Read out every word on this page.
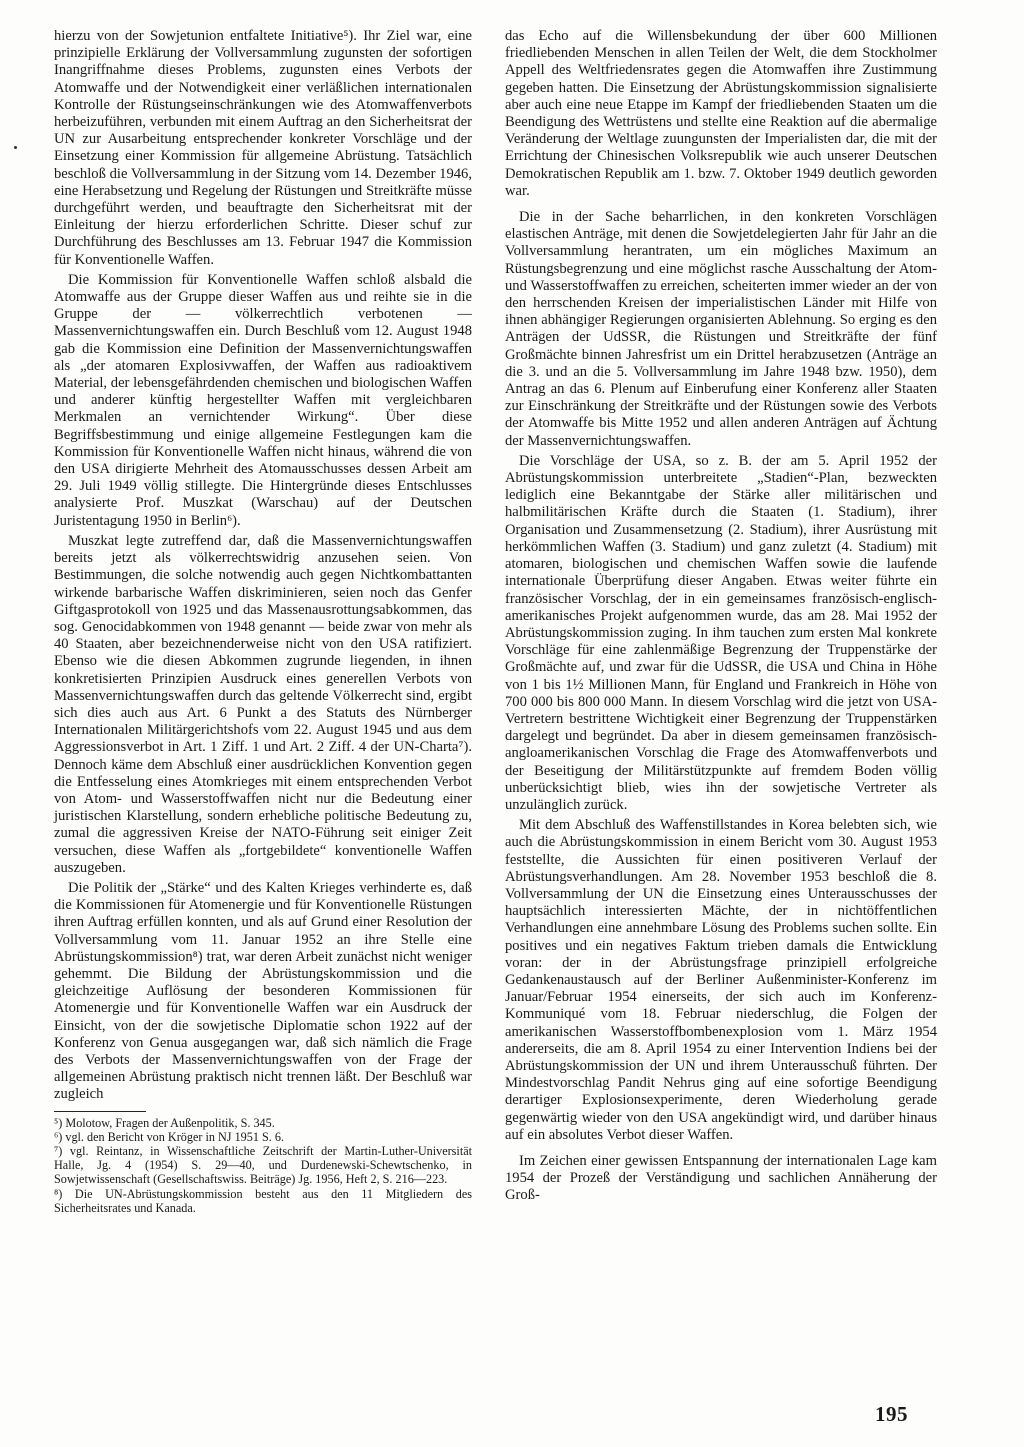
hierzu von der Sowjetunion entfaltete Initiative⁵). Ihr Ziel war, eine prinzipielle Erklärung der Vollversammlung zugunsten der sofortigen Inangriffnahme dieses Problems, zugunsten eines Verbots der Atomwaffe und der Notwendigkeit einer verläßlichen internationalen Kontrolle der Rüstungseinschränkungen wie des Atomwaffenverbots herbeizuführen, verbunden mit einem Auftrag an den Sicherheitsrat der UN zur Ausarbeitung entsprechender konkreter Vorschläge und der Einsetzung einer Kommission für allgemeine Abrüstung. Tatsächlich beschloß die Vollversammlung in der Sitzung vom 14. Dezember 1946, eine Herabsetzung und Regelung der Rüstungen und Streitkräfte müsse durchgeführt werden, und beauftragte den Sicherheitsrat mit der Einleitung der hierzu erforderlichen Schritte. Dieser schuf zur Durchführung des Beschlusses am 13. Februar 1947 die Kommission für Konventionelle Waffen.

Die Kommission für Konventionelle Waffen schloß alsbald die Atomwaffe aus der Gruppe dieser Waffen aus und reihte sie in die Gruppe der — völkerrechtlich verbotenen — Massenvernichtungswaffen ein. Durch Beschluß vom 12. August 1948 gab die Kommission eine Definition der Massenvernichtungswaffen als „der atomaren Explosivwaffen, der Waffen aus radioaktivem Material, der lebensgefährdenden chemischen und biologischen Waffen und anderer künftig hergestellter Waffen mit vergleichbaren Merkmalen an vernichtender Wirkung“. Über diese Begriffsbestimmung und einige allgemeine Festlegungen kam die Kommission für Konventionelle Waffen nicht hinaus, während die von den USA dirigierte Mehrheit des Atomausschusses dessen Arbeit am 29. Juli 1949 völlig stillegte. Die Hintergründe dieses Entschlusses analysierte Prof. Muszkat (Warschau) auf der Deutschen Juristentagung 1950 in Berlin⁶).

Muszkat legte zutreffend dar, daß die Massenvernichtungswaffen bereits jetzt als völkerrechtswidrig anzusehen seien. Von Bestimmungen, die solche notwendig auch gegen Nichtkombattanten wirkende barbarische Waffen diskriminieren, seien noch das Genfer Giftgasprotokoll von 1925 und das Massenausrottungsabkommen, das sog. Genocidabkommen von 1948 genannt — beide zwar von mehr als 40 Staaten, aber bezeichnenderweise nicht von den USA ratifiziert. Ebenso wie die diesen Abkommen zugrunde liegenden, in ihnen konkretisierten Prinzipien Ausdruck eines generellen Verbots von Massenvernichtungswaffen durch das geltende Völkerrecht sind, ergibt sich dies auch aus Art. 6 Punkt a des Statuts des Nürnberger Internationalen Militärgerichtshofs vom 22. August 1945 und aus dem Aggressionsverbot in Art. 1 Ziff. 1 und Art. 2 Ziff. 4 der UN-Charta⁷). Dennoch käme dem Abschluß einer ausdrücklichen Konvention gegen die Entfesselung eines Atomkrieges mit einem entsprechenden Verbot von Atom- und Wasserstoffwaffen nicht nur die Bedeutung einer juristischen Klarstellung, sondern erhebliche politische Bedeutung zu, zumal die aggressiven Kreise der NATO-Führung seit einiger Zeit versuchen, diese Waffen als „fortgebildete“ konventionelle Waffen auszugeben.

Die Politik der „Stärke“ und des Kalten Krieges verhinderte es, daß die Kommissionen für Atomenergie und für Konventionelle Rüstungen ihren Auftrag erfüllen konnten, und als auf Grund einer Resolution der Vollversammlung vom 11. Januar 1952 an ihre Stelle eine Abrüstungskommission⁸) trat, war deren Arbeit zunächst nicht weniger gehemmt. Die Bildung der Abrüstungskommission und die gleichzeitige Auflösung der besonderen Kommissionen für Atomenergie und für Konventionelle Waffen war ein Ausdruck der Einsicht, von der die sowjetische Diplomatie schon 1922 auf der Konferenz von Genua ausgegangen war, daß sich nämlich die Frage des Verbots der Massenvernichtungswaffen von der Frage der allgemeinen Abrüstung praktisch nicht trennen läßt. Der Beschluß war zugleich

⁵) Molotow, Fragen der Außenpolitik, S. 345.

⁶) vgl. den Bericht von Kröger in NJ 1951 S. 6.

⁷) vgl. Reintanz, in Wissenschaftliche Zeitschrift der Martin-Luther-Universität Halle, Jg. 4 (1954) S. 29—40, und Durdenewski-Schewtschenko, in Sowjetwissenschaft (Gesellschaftswiss. Beiträge) Jg. 1956, Heft 2, S. 216—223.

⁸) Die UN-Abrüstungskommission besteht aus den 11 Mitgliedern des Sicherheitsrates und Kanada.

das Echo auf die Willensbekundung der über 600 Millionen friedliebenden Menschen in allen Teilen der Welt, die dem Stockholmer Appell des Weltfriedensrates gegen die Atomwaffen ihre Zustimmung gegeben hatten. Die Einsetzung der Abrüstungskommission signalisierte aber auch eine neue Etappe im Kampf der friedliebenden Staaten um die Beendigung des Wettrüstens und stellte eine Reaktion auf die abermalige Veränderung der Weltlage zuungunsten der Imperialisten dar, die mit der Errichtung der Chinesischen Volksrepublik wie auch unserer Deutschen Demokratischen Republik am 1. bzw. 7. Oktober 1949 deutlich geworden war.

Die in der Sache beharrlichen, in den konkreten Vorschlägen elastischen Anträge, mit denen die Sowjetdelegierten Jahr für Jahr an die Vollversammlung herantraten, um ein mögliches Maximum an Rüstungsbegrenzung und eine möglichst rasche Ausschaltung der Atom- und Wasserstoffwaffen zu erreichen, scheiterten immer wieder an der von den herrschenden Kreisen der imperialistischen Länder mit Hilfe von ihnen abhängiger Regierungen organisierten Ablehnung. So erging es den Anträgen der UdSSR, die Rüstungen und Streitkräfte der fünf Großmächte binnen Jahresfrist um ein Drittel herabzusetzen (Anträge an die 3. und an die 5. Vollversammlung im Jahre 1948 bzw. 1950), dem Antrag an das 6. Plenum auf Einberufung einer Konferenz aller Staaten zur Einschränkung der Streitkräfte und der Rüstungen sowie des Verbots der Atomwaffe bis Mitte 1952 und allen anderen Anträgen auf Ächtung der Massenvernichtungswaffen.

Die Vorschläge der USA, so z. B. der am 5. April 1952 der Abrüstungskommission unterbreitete „Stadien“-Plan, bezweckten lediglich eine Bekanntgabe der Stärke aller militärischen und halbmilitärischen Kräfte durch die Staaten (1. Stadium), ihrer Organisation und Zusammensetzung (2. Stadium), ihrer Ausrüstung mit herkömmlichen Waffen (3. Stadium) und ganz zuletzt (4. Stadium) mit atomaren, biologischen und chemischen Waffen sowie die laufende internationale Überprüfung dieser Angaben. Etwas weiter führte ein französischer Vorschlag, der in ein gemeinsames französisch-englisch-amerikanisches Projekt aufgenommen wurde, das am 28. Mai 1952 der Abrüstungskommission zuging. In ihm tauchen zum ersten Mal konkrete Vorschläge für eine zahlenmäßige Begrenzung der Truppenstärke der Großmächte auf, und zwar für die UdSSR, die USA und China in Höhe von 1 bis 1½ Millionen Mann, für England und Frankreich in Höhe von 700 000 bis 800 000 Mann. In diesem Vorschlag wird die jetzt von USA-Vertretern bestrittene Wichtigkeit einer Begrenzung der Truppenstärken dargelegt und begründet. Da aber in diesem gemeinsamen französisch-angloamerikanischen Vorschlag die Frage des Atomwaffenverbots und der Beseitigung der Militärstützpunkte auf fremdem Boden völlig unberücksichtigt blieb, wies ihn der sowjetische Vertreter als unzulänglich zurück.

Mit dem Abschluß des Waffenstillstandes in Korea belebten sich, wie auch die Abrüstungskommission in einem Bericht vom 30. August 1953 feststellte, die Aussichten für einen positiveren Verlauf der Abrüstungsverhandlungen. Am 28. November 1953 beschloß die 8. Vollversammlung der UN die Einsetzung eines Unterausschusses der hauptsächlich interessierten Mächte, der in nichtöffentlichen Verhandlungen eine annehmbare Lösung des Problems suchen sollte. Ein positives und ein negatives Faktum trieben damals die Entwicklung voran: der in der Abrüstungsfrage prinzipiell erfolgreiche Gedankenaustausch auf der Berliner Außenminister-Konferenz im Januar/Februar 1954 einerseits, der sich auch im Konferenz-Kommuniqué vom 18. Februar niederschlug, die Folgen der amerikanischen Wasserstoffbombenexplosion vom 1. März 1954 andererseits, die am 8. April 1954 zu einer Intervention Indiens bei der Abrüstungskommission der UN und ihrem Unterausschuß führten. Der Mindestvorschlag Pandit Nehrus ging auf eine sofortige Beendigung derartiger Explosionsexperimente, deren Wiederholung gerade gegenwärtig wieder von den USA angekündigt wird, und darüber hinaus auf ein absolutes Verbot dieser Waffen.

Im Zeichen einer gewissen Entspannung der internationalen Lage kam 1954 der Prozeß der Verständigung und sachlichen Annäherung der Groß-

195
